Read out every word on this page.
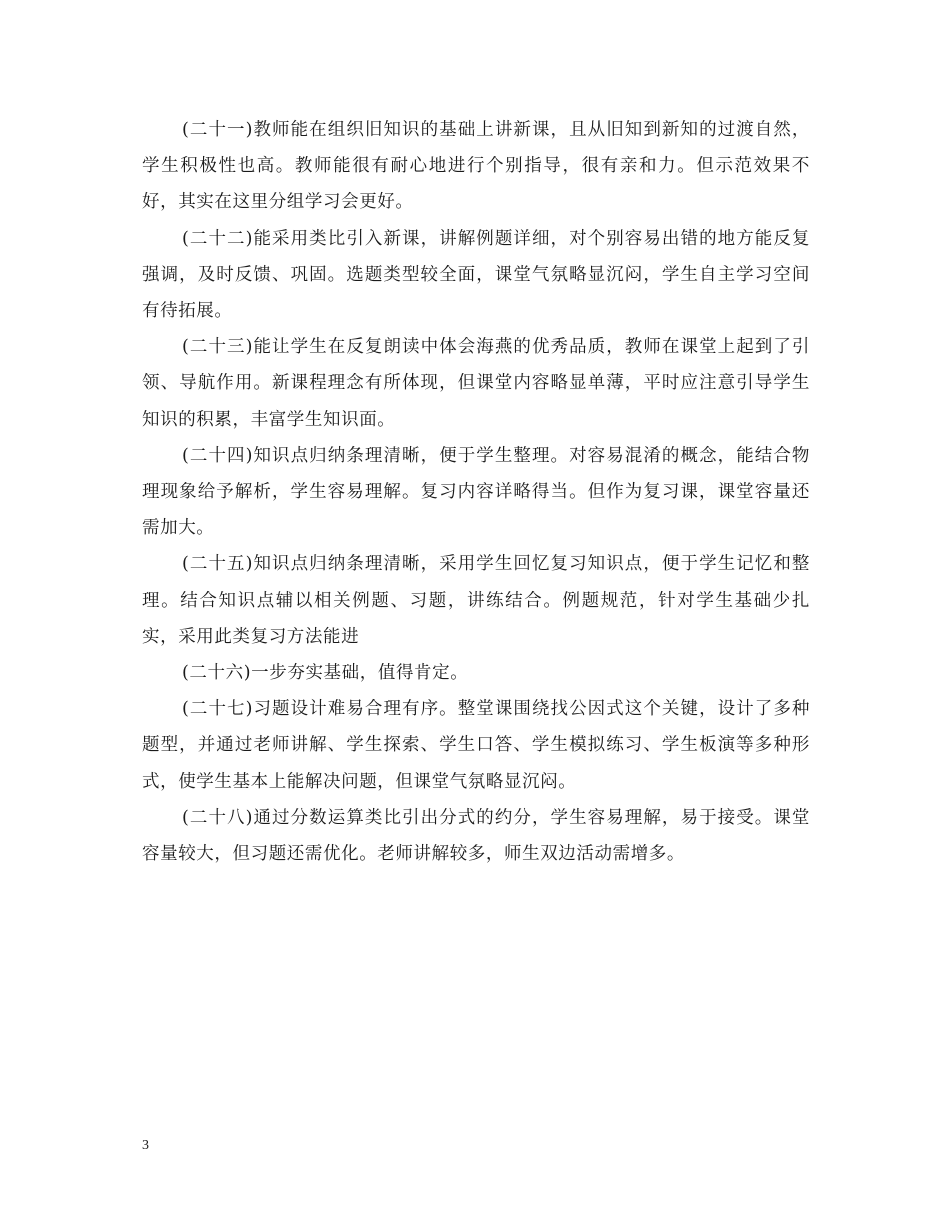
(二十一)教师能在组织旧知识的基础上讲新课，且从旧知到新知的过渡自然，学生积极性也高。教师能很有耐心地进行个别指导，很有亲和力。但示范效果不好，其实在这里分组学习会更好。

(二十二)能采用类比引入新课，讲解例题详细，对个别容易出错的地方能反复强调，及时反馈、巩固。选题类型较全面，课堂气氛略显沉闷，学生自主学习空间有待拓展。

(二十三)能让学生在反复朗读中体会海燕的优秀品质，教师在课堂上起到了引领、导航作用。新课程理念有所体现，但课堂内容略显单薄，平时应注意引导学生知识的积累，丰富学生知识面。

(二十四)知识点归纳条理清晰，便于学生整理。对容易混淆的概念，能结合物理现象给予解析，学生容易理解。复习内容详略得当。但作为复习课，课堂容量还需加大。

(二十五)知识点归纳条理清晰，采用学生回忆复习知识点，便于学生记忆和整理。结合知识点辅以相关例题、习题，讲练结合。例题规范，针对学生基础少扎实，采用此类复习方法能进

(二十六)一步夯实基础，值得肯定。

(二十七)习题设计难易合理有序。整堂课围绕找公因式这个关键，设计了多种题型，并通过老师讲解、学生探索、学生口答、学生模拟练习、学生板演等多种形式，使学生基本上能解决问题，但课堂气氛略显沉闷。

(二十八)通过分数运算类比引出分式的约分，学生容易理解，易于接受。课堂容量较大，但习题还需优化。老师讲解较多，师生双边活动需增多。

3
